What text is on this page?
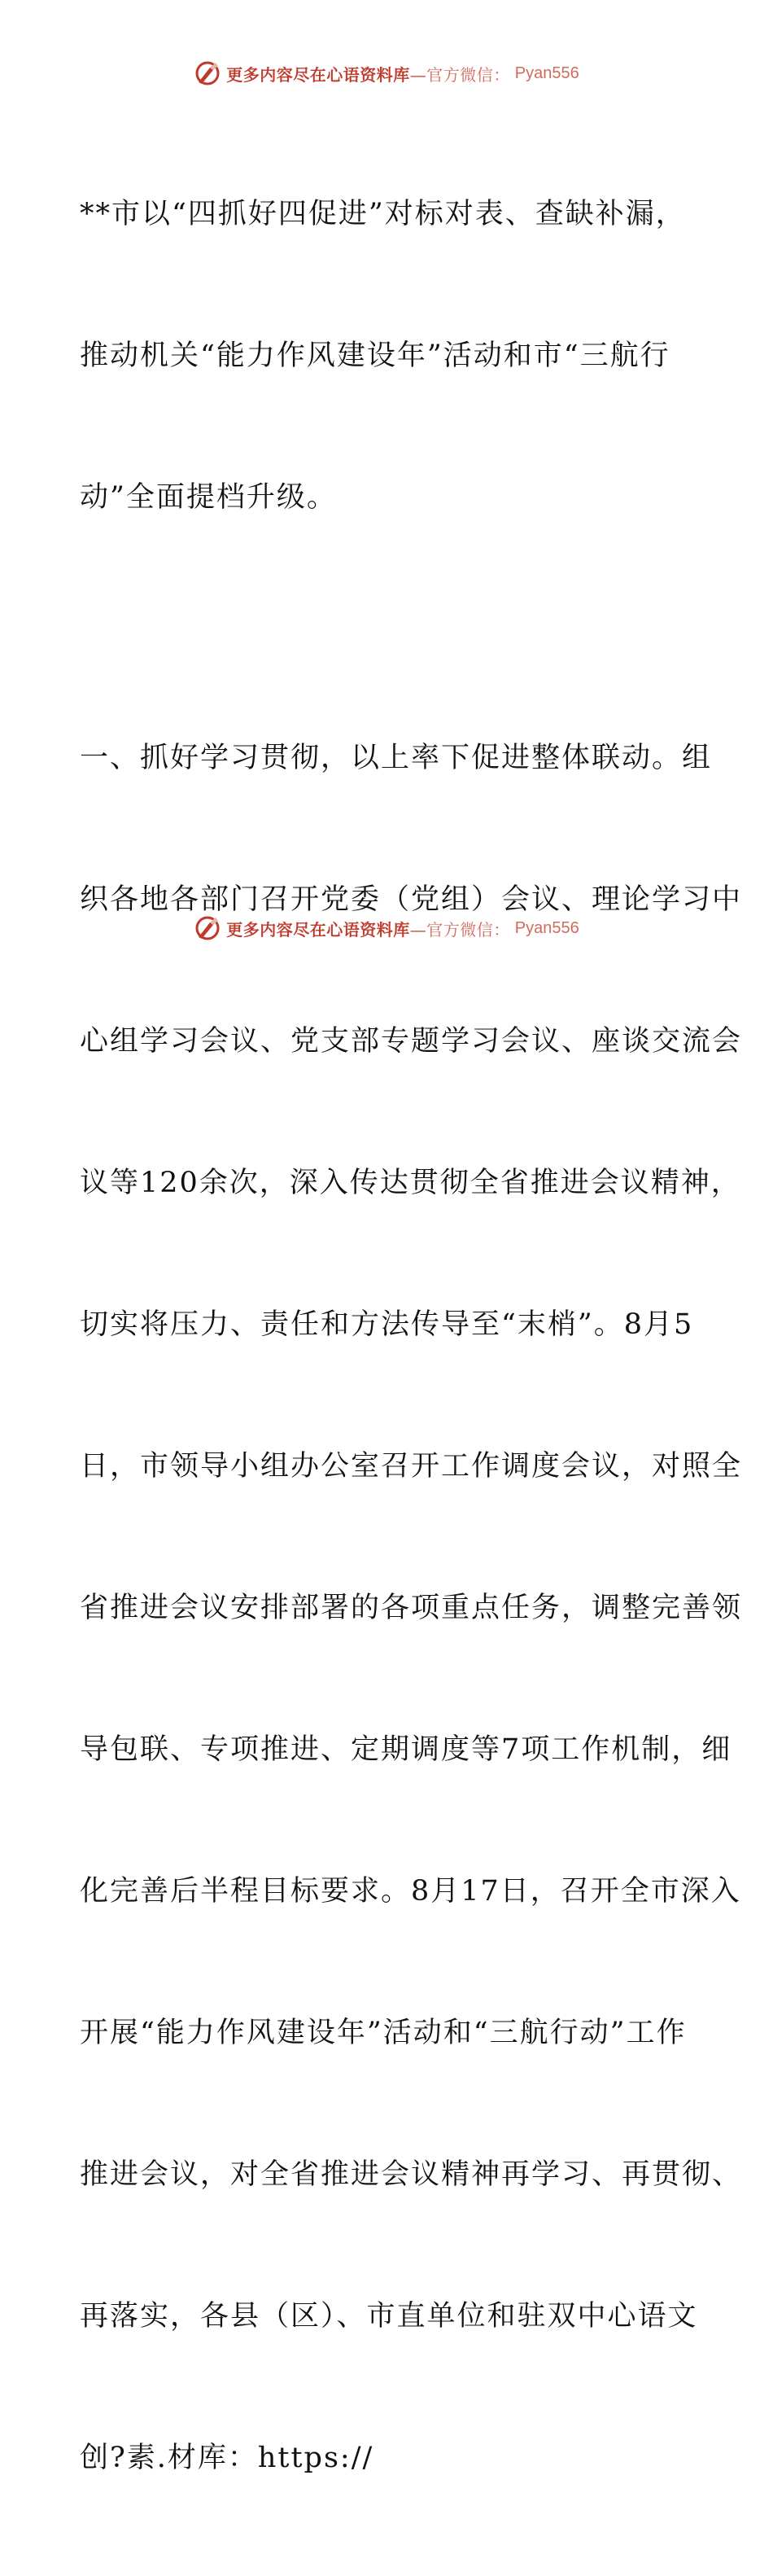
更多内容尽在心语资料库—官方微信： Pyan556

**市以“四抓好四促进”对标对表、查缺补漏，

推动机关“能力作风建设年”活动和市“三航行

动”全面提档升级。

一、抓好学习贯彻，以上率下促进整体联动。组

织各地各部门召开党委（党组）会议、理论学习中

心组学习会议、党支部专题学习会议、座谈交流会

议等120余次，深入传达贯彻全省推进会议精神，

切实将压力、责任和方法传导至“末梢”。8月5

日，市领导小组办公室召开工作调度会议，对照全

省推进会议安排部署的各项重点任务，调整完善领

导包联、专项推进、定期调度等7项工作机制，细

化完善后半程目标要求。8月17日，召开全市深入

开展“能力作风建设年”活动和“三航行动”工作

推进会议，对全省推进会议精神再学习、再贯彻、

再落实，各县（区）、市直单位和驻双中心语文

创?素.材库：https://

更多内容尽在心语资料库—官方微信： Pyan556
